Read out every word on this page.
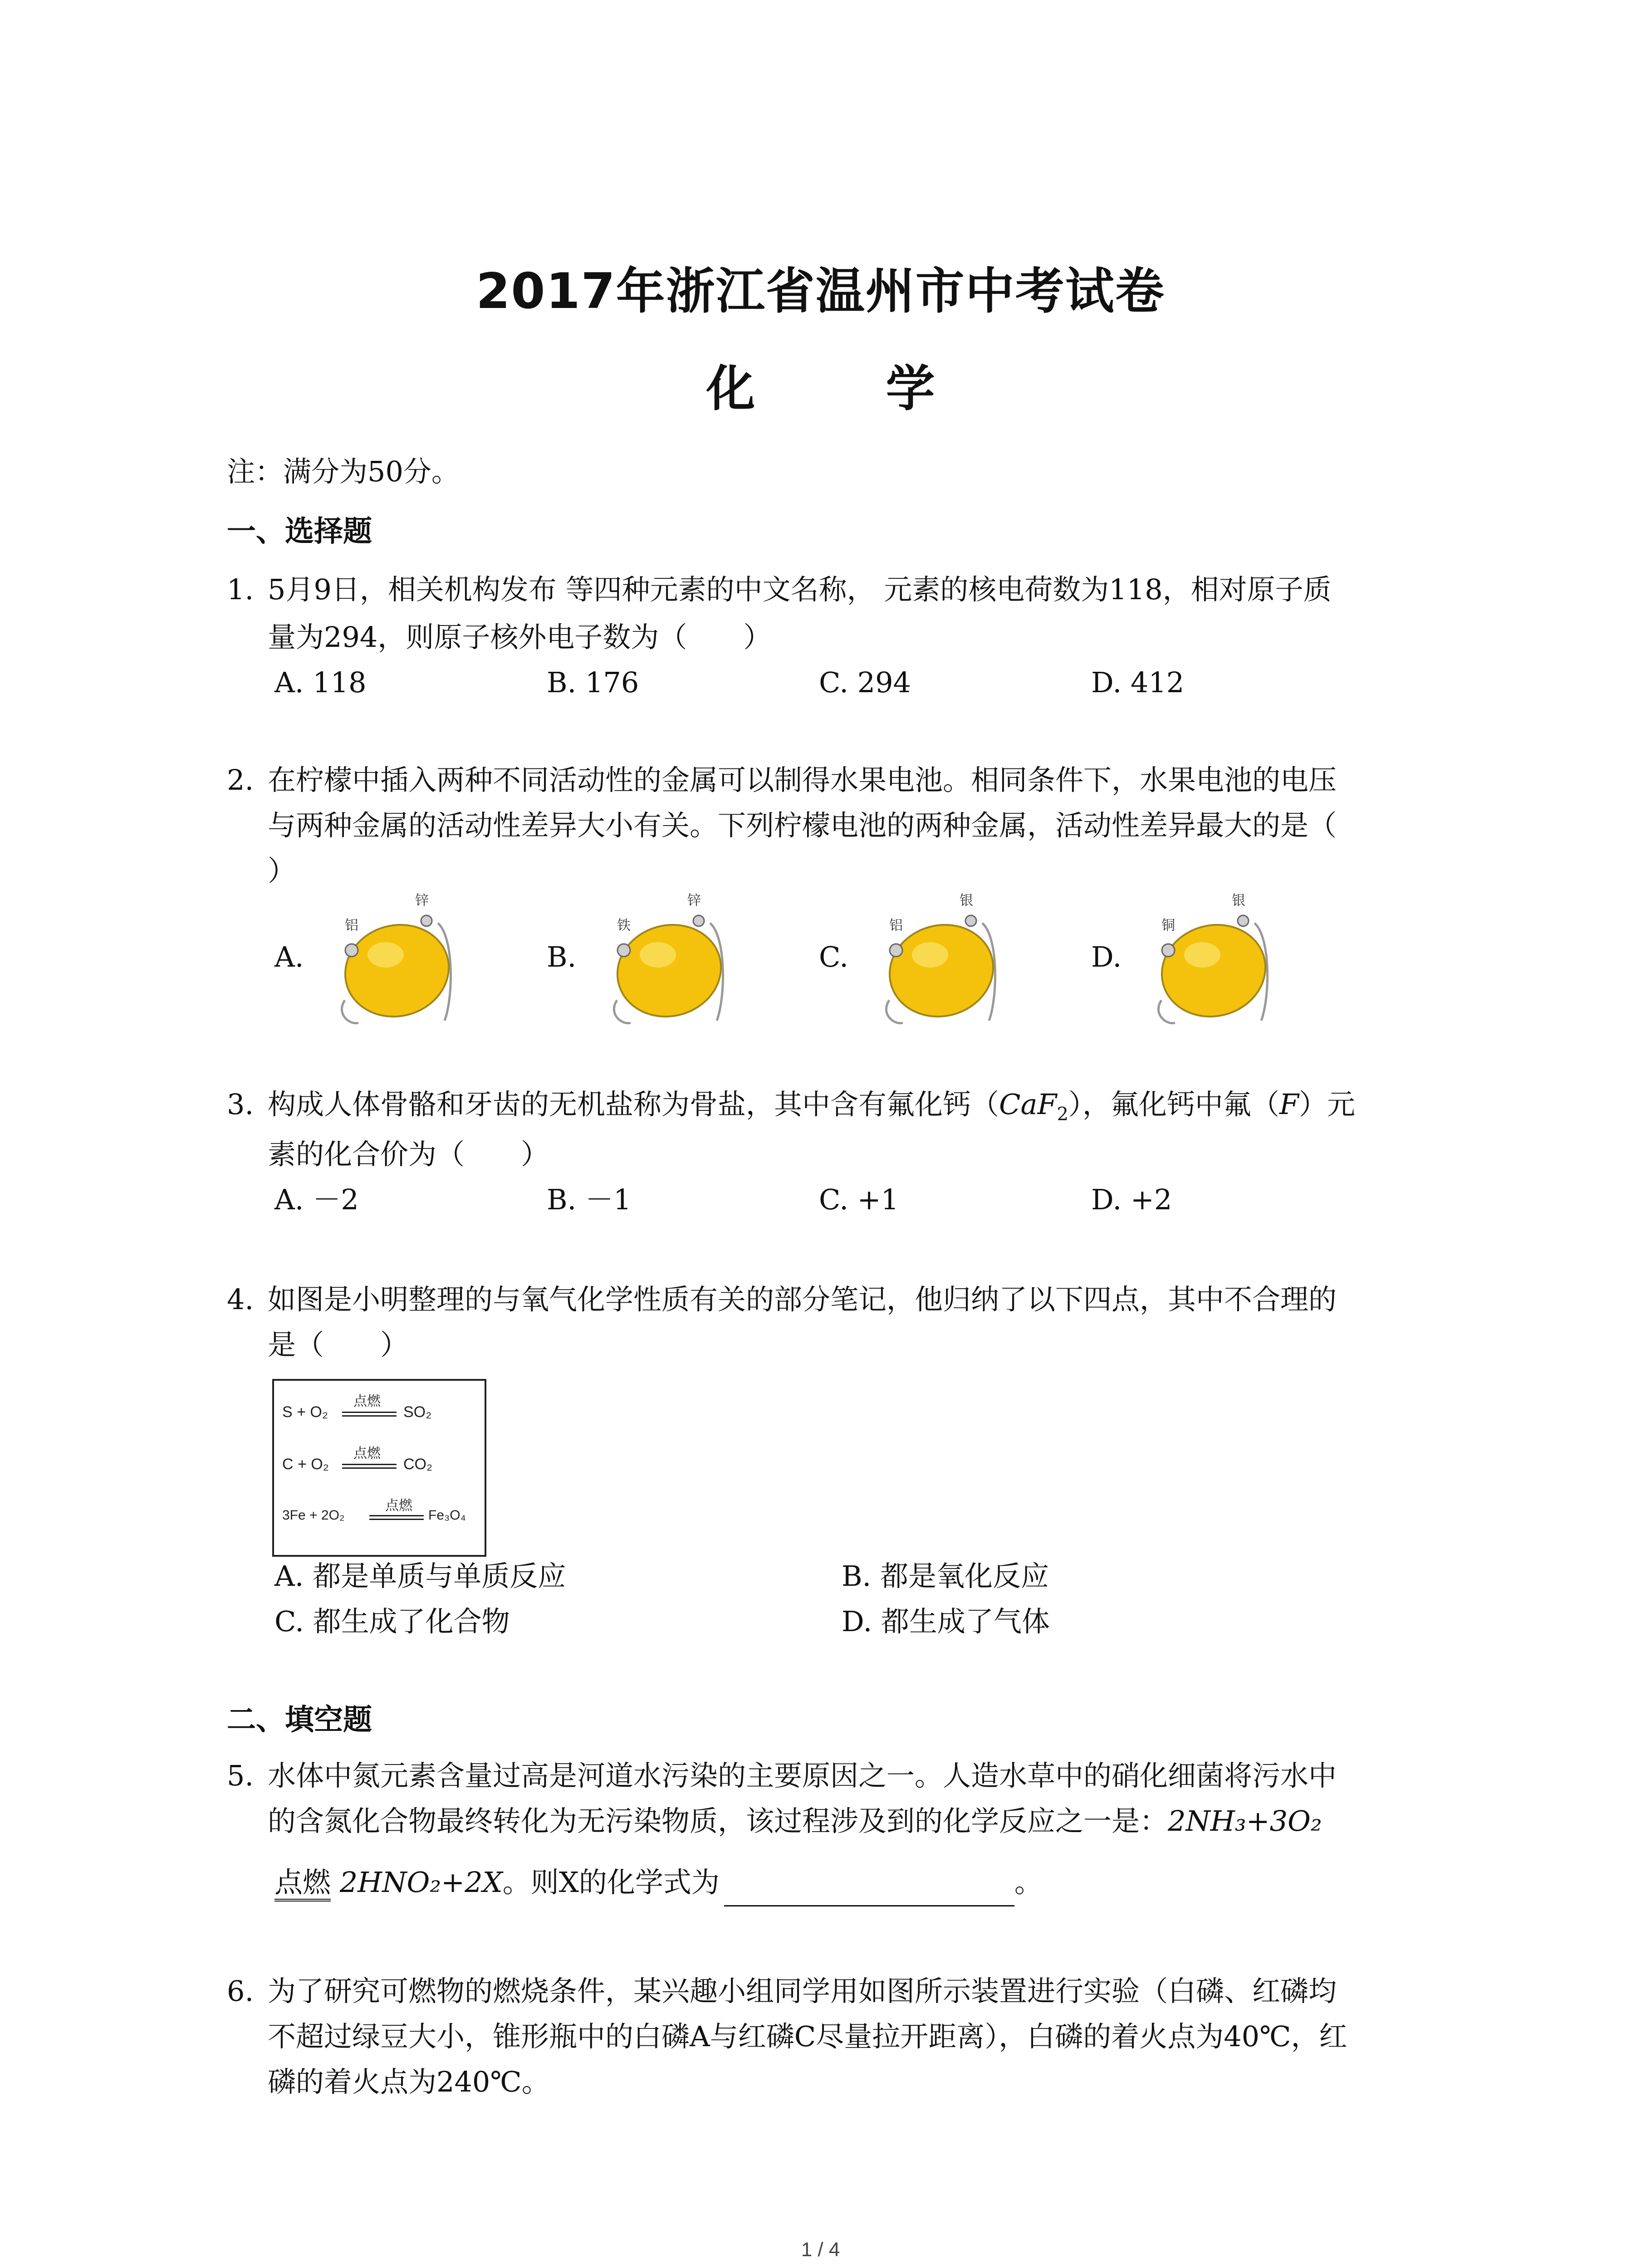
2017年浙江省温州市中考试卷
化　学
注：满分为50分。
一、选择题
1. 5月9日，相关机构发布 等四种元素的中文名称， 元素的核电荷数为118，相对原子质
量为294，则原子核外电子数为（　　）
A. 118	B. 176	C. 294	D. 412
2. 在柠檬中插入两种不同活动性的金属可以制得水果电池。相同条件下，水果电池的电压
与两种金属的活动性差异大小有关。下列柠檬电池的两种金属，活动性差异最大的是（
）
A.	B.	C.	D.
铝
锌
铁
锌
铝
银
铜
银
3. 构成人体骨骼和牙齿的无机盐称为骨盐，其中含有氟化钙（CaF$_2$），氟化钙中氟（F）元
素的化合价为（　　）
A. －2	B. －1	C. +1	D. +2
4. 如图是小明整理的与氧气化学性质有关的部分笔记，他归纳了以下四点，其中不合理的
是（　　）
S + O₂
点燃
SO₂
C + O₂
点燃
CO₂
3Fe + 2O₂
点燃
Fe₃O₄
A. 都是单质与单质反应	B. 都是氧化反应
C. 都生成了化合物	D. 都生成了气体
二、填空题
5. 水体中氮元素含量过高是河道水污染的主要原因之一。人造水草中的硝化细菌将污水中
的含氮化合物最终转化为无污染物质，该过程涉及到的化学反应之一是：2NH₃+3O₂
点燃 2HNO₂+2X。则X的化学式为	。
6. 为了研究可燃物的燃烧条件，某兴趣小组同学用如图所示装置进行实验（白磷、红磷均
不超过绿豆大小，锥形瓶中的白磷A与红磷C尽量拉开距离），白磷的着火点为40℃，红
磷的着火点为240℃。
1 / 4
